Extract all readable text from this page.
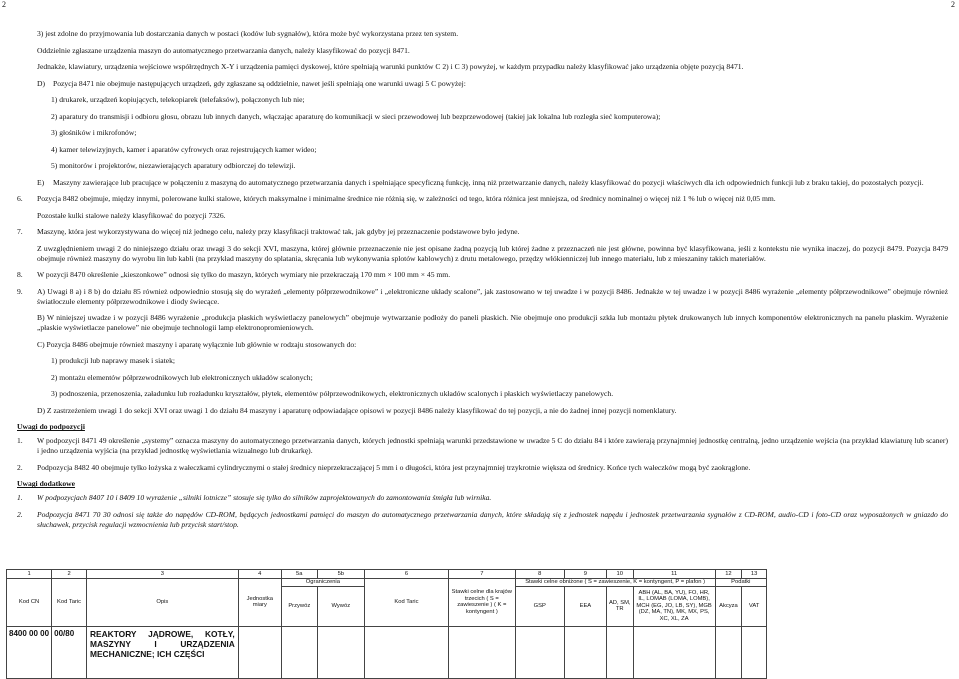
2	2

3) jest zdolne do przyjmowania lub dostarczania danych w postaci (kodów lub sygnałów), która może być wykorzystana przez ten system.

Oddzielnie zgłaszane urządzenia maszyn do automatycznego przetwarzania danych, należy klasyfikować do pozycji 8471.

Jednakże, klawiatury, urządzenia wejściowe współrzędnych X-Y i urządzenia pamięci dyskowej, które spełniają warunki punktów C 2) i C 3) powyżej, w każdym przypadku należy klasyfikować jako urządzenia objęte pozycją 8471.

D)	Pozycja 8471 nie obejmuje następujących urządzeń, gdy zgłaszane są oddzielnie, nawet jeśli spełniają one warunki uwagi 5 C powyżej:

1) drukarek, urządzeń kopiujących, telekopiarek (telefaksów), połączonych lub nie;

2) aparatury do transmisji i odbioru głosu, obrazu lub innych danych, włączając aparaturę do komunikacji w sieci przewodowej lub bezprzewodowej (takiej jak lokalna lub rozległa sieć komputerowa);

3) głośników i mikrofonów;

4) kamer telewizyjnych, kamer i aparatów cyfrowych oraz rejestrujących kamer wideo;

5) monitorów i projektorów, niezawierających aparatury odbiorczej do telewizji.

E)	Maszyny zawierające lub pracujące w połączeniu z maszyną do automatycznego przetwarzania danych i spełniające specyficzną funkcję, inną niż przetwarzanie danych, należy klasyfikować do pozycji właściwych dla ich odpowiednich funkcji lub z braku takiej, do pozostałych pozycji.
6.	Pozycja 8482 obejmuje, między innymi, polerowane kulki stalowe, których maksymalne i minimalne średnice nie różnią się, w zależności od tego, która różnica jest mniejsza, od średnicy nominalnej o więcej niż 1 % lub o więcej niż 0,05 mm.

Pozostałe kulki stalowe należy klasyfikować do pozycji 7326.

7.	Maszynę, która jest wykorzystywana do więcej niż jednego celu, należy przy klasyfikacji traktować tak, jak gdyby jej przeznaczenie podstawowe było jedyne.

Z uwzględnieniem uwagi 2 do niniejszego działu oraz uwagi 3 do sekcji XVI, maszyna, której głównie przeznaczenie nie jest opisane żadną pozycją lub której żadne z przeznaczeń nie jest główne, powinna być klasyfikowana, jeśli z kontekstu nie wynika inaczej, do pozycji 8479. Pozycja 8479 obejmuje również maszyny do wyrobu lin lub kabli (na przykład maszyny do splatania, skręcania lub wykonywania splotów kablowych) z drutu metalowego, przędzy włókienniczej lub innego materiału, lub z mieszaniny takich materiałów.

8.	W pozycji 8470 określenie „kieszonkowe” odnosi się tylko do maszyn, których wymiary nie przekraczają 170 mm × 100 mm × 45 mm.
9.	A) Uwagi 8 a) i 8 b) do działu 85 również odpowiednio stosują się do wyrażeń „elementy półprzewodnikowe” i „elektroniczne układy scalone”, jak zastosowano w tej uwadze i w pozycji 8486. Jednakże w tej uwadze i w pozycji 8486 wyrażenie „elementy półprzewodnikowe” obejmuje również światłoczułe elementy półprzewodnikowe i diody świecące.

B) W niniejszej uwadze i w pozycji 8486 wyrażenie „produkcja płaskich wyświetlaczy panelowych” obejmuje wytwarzanie podłoży do paneli płaskich. Nie obejmuje ono produkcji szkła lub montażu płytek drukowanych lub innych komponentów elektronicznych na panelu płaskim. Wyrażenie „płaskie wyświetlacze panelowe” nie obejmuje technologii lamp elektronopromieniowych.

C) Pozycja 8486 obejmuje również maszyny i aparatę wyłącznie lub głównie w rodzaju stosowanych do:

1) produkcji lub naprawy masek i siatek;

2) montażu elementów półprzewodnikowych lub elektronicznych układów scalonych;

3) podnoszenia, przenoszenia, załadunku lub rozładunku kryształów, płytek, elementów półprzewodnikowych, elektronicznych układów scalonych i płaskich wyświetlaczy panelowych.

D) Z zastrzeżeniem uwagi 1 do sekcji XVI oraz uwagi 1 do działu 84 maszyny i aparaturę odpowiadające opisowi w pozycji 8486 należy klasyfikować do tej pozycji, a nie do żadnej innej pozycji nomenklatury.

Uwagi do podpozycji

1.	W podpozycji 8471 49 określenie „systemy” oznacza maszyny do automatycznego przetwarzania danych, których jednostki spełniają warunki przedstawione w uwadze 5 C do działu 84 i które zawierają przynajmniej jednostkę centralną, jedno urządzenie wejścia (na przykład klawiaturę lub scaner) i jedno urządzenia wyjścia (na przykład jednostkę wyświetlania wizualnego lub drukarkę).
2.	Podpozycja 8482 40 obejmuje tylko łożyska z wałeczkami cylindrycznymi o stałej średnicy nieprzekraczającej 5 mm i o długości, która jest przynajmniej trzykrotnie większa od średnicy. Końce tych wałeczków mogą być zaokrąglone.

Uwagi dodatkowe

1.	W podpozycjach 8407 10 i 8409 10 wyrażenie „silniki lotnicze” stosuje się tylko do silników zaprojektowanych do zamontowania śmigła lub wirnika.
2.	Podpozycja 8471 70 30 odnosi się także do napędów CD-ROM, będących jednostkami pamięci do maszyn do automatycznego przetwarzania danych, które składają się z jednostek napędu i jednostek przetwarzania sygnałów z CD-ROM, audio-CD i foto-CD oraz wyposażonych w gniazdo do słuchawek, przycisk regulacji wzmocnienia lub przycisk start/stop.
1	2	3	4	5a	5b	6	7	8	9	10	11	12	13
Kod CN	Kod Taric	Opis	Jednostka miary	Ograniczenia		Kod Taric	Stawki celne dla krajów trzecich ( S = zawieszenie ) ( K = kontyngent )	Stawki celne obniżone ( S = zawieszenie, K = kontyngent, P = plafon )				Podatki	
				Przywóz	Wywóz			GSP	EEA	AD, SM, TR	ABH (AL, BA, YU), FO, HR, IL, LOMAB (LOMA, LOMB), MCH (EG, JO, LB, SY), MGB (DZ, MA, TN), MK, MX, PS, XC, XL, ZA	Akcyza	VAT
8400 00 00	00/80	REAKTORY JĄDROWE, KOTŁY, MASZYNY I URZĄDZENIA MECHANICZNE; ICH CZĘŚCI											
